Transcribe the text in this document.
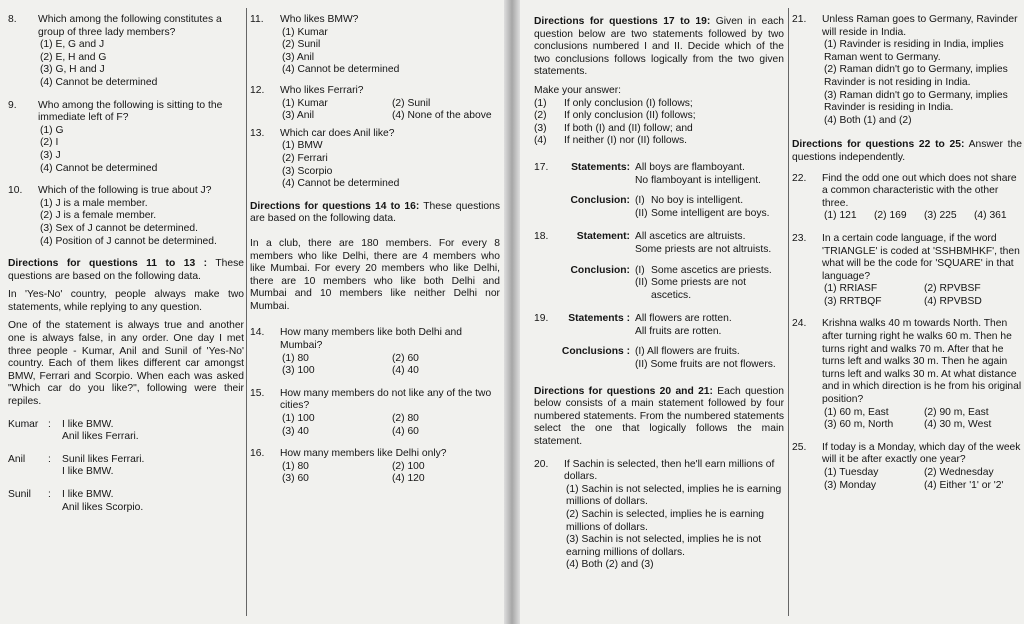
8.	Which among the following constitutes a group of three lady members?
(1) E, G and J
(2) E, H and G
(3) G, H and J
(4) Cannot be determined
9.	Who among the following is sitting to the immediate left of F?
(1) G
(2) I
(3) J
(4) Cannot be determined
10.	Which of the following is true about J?
(1) J is a male member.
(2) J is a female member.
(3) Sex of J cannot be determined.
(4) Position of J cannot be determined.
Directions for questions 11 to 13 : These questions are based on the following data.

In 'Yes-No' country, people always make two statements, while replying to any question.

One of the statement is always true and another one is always false, in any order. One day I met three people - Kumar, Anil and Sunil of 'Yes-No' country. Each of them likes different car amongst BMW, Ferrari and Scorpio. When each was asked "Which car do you like?", following were their repiles.

Kumar :	I like BMW.
Anil likes Ferrari.
Anil	:	Sunil likes Ferrari.
I like BMW.
Sunil	:	I like BMW.
Anil likes Scorpio.
11.	Who likes BMW?
(1) Kumar
(2) Sunil
(3) Anil
(4) Cannot be determined
12.	Who likes Ferrari?
(1) Kumar	(2) Sunil
(3) Anil	(4) None of the above
13.	Which car does Anil like?
(1) BMW
(2) Ferrari
(3) Scorpio
(4) Cannot be determined
Directions for questions 14 to 16: These questions are based on the following data.

In a club, there are 180 members. For every 8 members who like Delhi, there are 4 members who like Mumbai. For every 20 members who like Delhi, there are 10 members who like both Delhi and Mumbai and 10 members like neither Delhi nor Mumbai.

14.	How many members like both Delhi and Mumbai?
(1) 80	(2) 60
(3) 100	(4) 40
15.	How many members do not like any of the two cities?
(1) 100	(2) 80
(3) 40	(4) 60
16.	How many members like Delhi only?
(1) 80	(2) 100
(3) 60	(4) 120
Directions for questions 17 to 19: Given in each question below are two statements followed by two conclusions numbered I and II. Decide which of the two conclusions follows logically from the two given statements.
Make your answer:
(1)	If only conclusion (I) follows;
(2)	If only conclusion (II) follows;
(3)	If both (I) and (II) follow; and
(4)	If neither (I) nor (II) follows.
17.	Statements: All boys are flamboyant.
No flamboyant is intelligent.
Conclusion: (I) No boy is intelligent.
(II) Some intelligent are boys.
18.	Statement: All ascetics are altruists.
Some priests are not altruists.
Conclusion: (I) Some ascetics are priests.
(II) Some priests are not ascetics.
19.	Statements : All flowers are rotten.
All fruits are rotten.
Conclusions : (I) All flowers are fruits.
(II) Some fruits are not flowers.
Directions for questions 20 and 21: Each question below consists of a main statement followed by four numbered statements. From the numbered statements select the one that logically follows the main statement.
20.	If Sachin is selected, then he'll earn millions of dollars.
(1) Sachin is not selected, implies he is earning millions of dollars.
(2) Sachin is selected, implies he is earning millions of dollars.
(3) Sachin is not selected, implies he is not earning millions of dollars.
(4) Both (2) and (3)
21.	Unless Raman goes to Germany, Ravinder will reside in India.
(1) Ravinder is residing in India, implies Raman went to Germany.
(2) Raman didn't go to Germany, implies Ravinder is not residing in India.
(3) Raman didn't go to Germany, implies Ravinder is residing in India.
(4) Both (1) and (2)
Directions for questions 22 to 25: Answer the questions independently.
22.	Find the odd one out which does not share a common characteristic with the other three.
(1) 121	(2) 169	(3) 225	(4) 361
23.	In a certain code language, if the word 'TRIANGLE' is coded at 'SSHBMHKF', then what will be the code for 'SQUARE' in that language?
(1) RRIASF	(2) RPVBSF
(3) RRTBQF	(4) RPVBSD
24.	Krishna walks 40 m towards North. Then after turning right he walks 60 m. Then he turns right and walks 70 m. After that he turns left and walks 30 m. Then he again turns left and walks 30 m. At what distance and in which direction is he from his original position?
(1) 60 m, East	(2) 90 m, East
(3) 60 m, North	(4) 30 m, West
25.	If today is a Monday, which day of the week will it be after exactly one year?
(1) Tuesday	(2) Wednesday
(3) Monday	(4) Either '1' or '2'
